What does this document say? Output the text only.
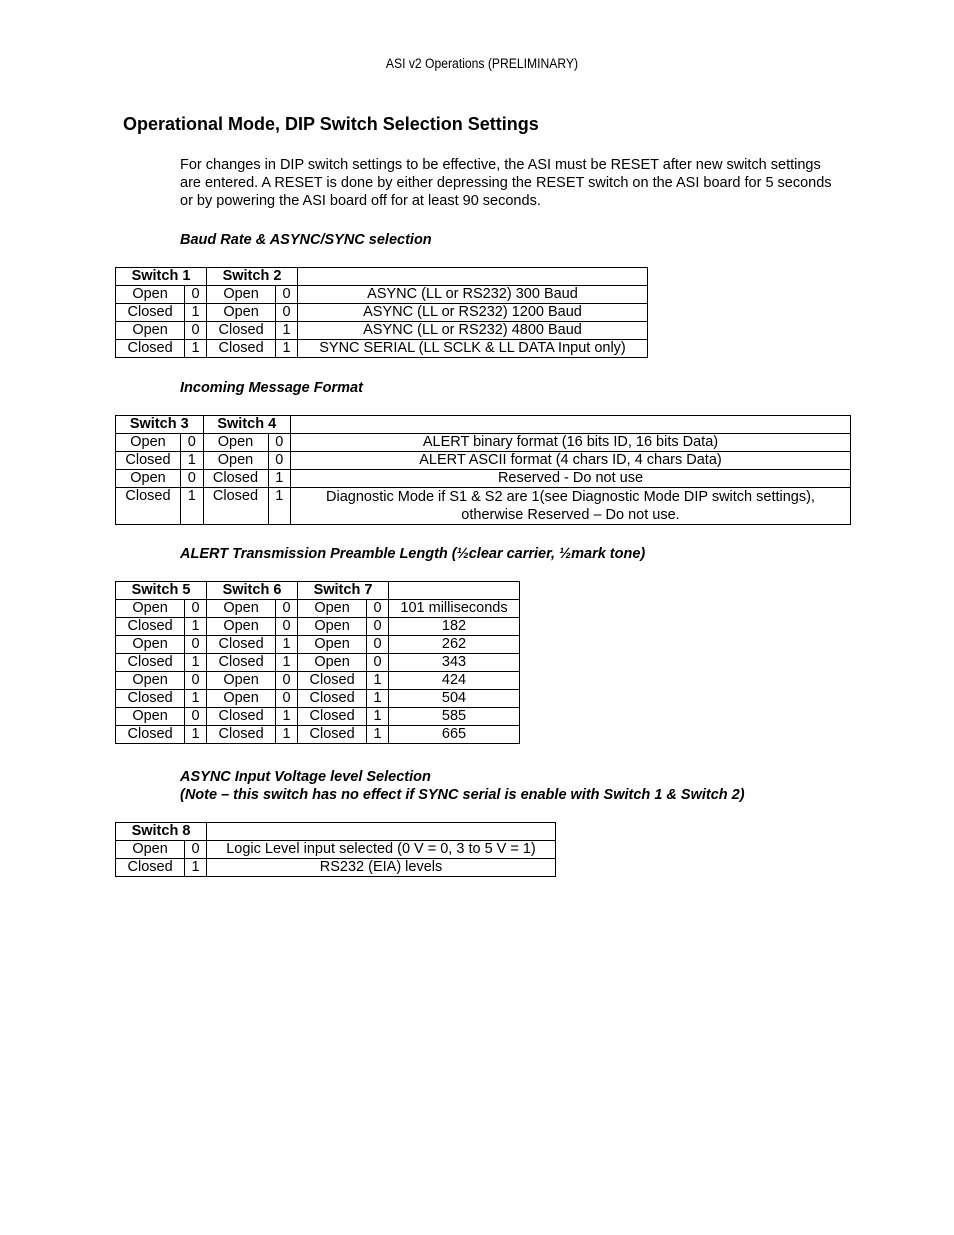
ASI v2 Operations (PRELIMINARY)
Operational Mode, DIP Switch Selection Settings
For changes in DIP switch settings to be effective, the ASI must be RESET after new switch settings are entered. A RESET is done by either depressing the RESET switch on the ASI board for 5 seconds or by powering the ASI board off for at least 90 seconds.
Baud Rate & ASYNC/SYNC selection
Switch 1		Switch 2		
Open	0	Open	0	ASYNC (LL or RS232) 300 Baud
Closed	1	Open	0	ASYNC (LL or RS232) 1200 Baud
Open	0	Closed	1	ASYNC (LL or RS232) 4800 Baud
Closed	1	Closed	1	SYNC SERIAL (LL SCLK & LL DATA Input only)
Incoming Message Format
Switch 3		Switch 4		
Open	0	Open	0	ALERT binary format (16 bits ID, 16 bits Data)
Closed	1	Open	0	ALERT ASCII format (4 chars ID, 4 chars Data)
Open	0	Closed	1	Reserved - Do not use
Closed	1	Closed	1	Diagnostic Mode if S1 & S2 are 1(see Diagnostic Mode DIP switch settings), otherwise Reserved – Do not use.
ALERT Transmission Preamble Length (½clear carrier, ½mark tone)
Switch 5		Switch 6		Switch 7		
Open	0	Open	0	Open	0	101 milliseconds
Closed	1	Open	0	Open	0	182
Open	0	Closed	1	Open	0	262
Closed	1	Closed	1	Open	0	343
Open	0	Open	0	Closed	1	424
Closed	1	Open	0	Closed	1	504
Open	0	Closed	1	Closed	1	585
Closed	1	Closed	1	Closed	1	665
ASYNC Input Voltage level Selection
(Note – this switch has no effect if SYNC serial is enable with Switch 1 & Switch 2)
Switch 8		
Open	0	Logic Level input selected (0 V = 0, 3 to 5 V = 1)
Closed	1	RS232 (EIA) levels
